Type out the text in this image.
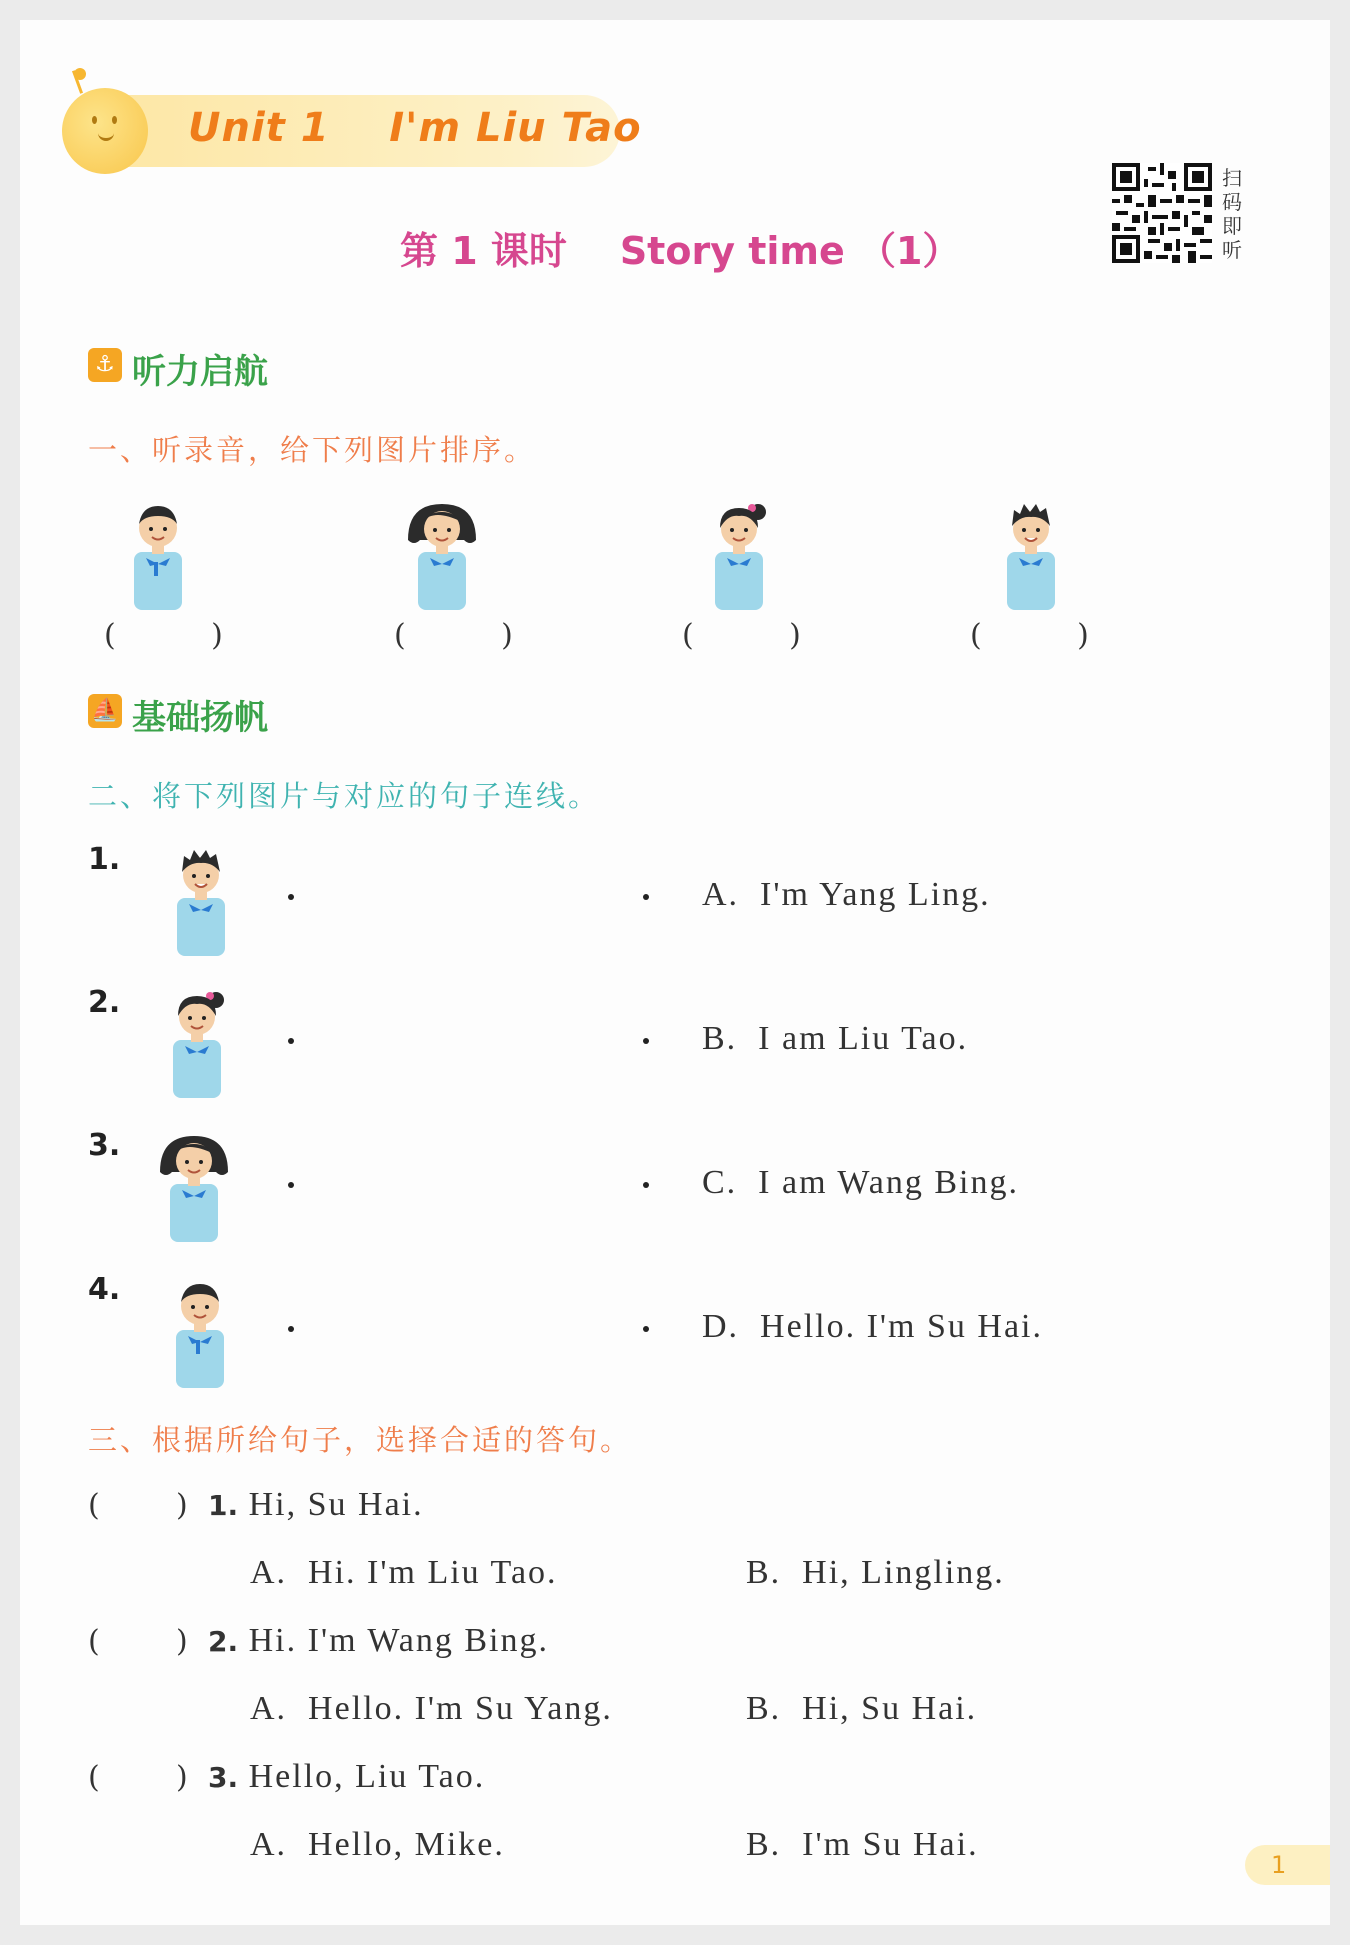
Unit 1    I'm Liu Tao
第 1 课时    Story time （1）
扫码即听
⚓ 听力启航
一、听录音，给下列图片排序。
(          )	(          )	(          )	(          )
⛵ 基础扬帆
二、将下列图片与对应的句子连线。
1.
A.  I'm Yang Ling.
2.
B.  I am Liu Tao.
3.
C.  I am Wang Bing.
4.
D.  Hello. I'm Su Hai.
三、根据所给句子，选择合适的答句。
(        ) 1. Hi, Su Hai.
A.  Hi. I'm Liu Tao.	B.  Hi, Lingling.
(        ) 2. Hi. I'm Wang Bing.
A.  Hello. I'm Su Yang.	B.  Hi, Su Hai.
(        ) 3. Hello, Liu Tao.
A.  Hello, Mike.	B.  I'm Su Hai.
1
